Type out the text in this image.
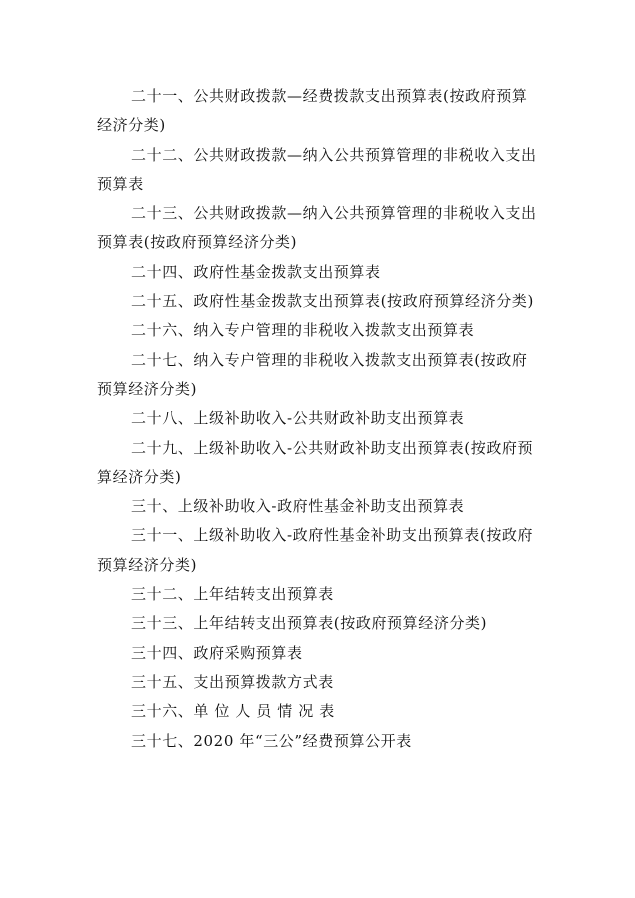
二十一、公共财政拨款—经费拨款支出预算表(按政府预算经济分类)

二十二、公共财政拨款—纳入公共预算管理的非税收入支出预算表

二十三、公共财政拨款—纳入公共预算管理的非税收入支出预算表(按政府预算经济分类)

二十四、政府性基金拨款支出预算表

二十五、政府性基金拨款支出预算表(按政府预算经济分类)

二十六、纳入专户管理的非税收入拨款支出预算表

二十七、纳入专户管理的非税收入拨款支出预算表(按政府预算经济分类)

二十八、上级补助收入-公共财政补助支出预算表

二十九、上级补助收入-公共财政补助支出预算表(按政府预算经济分类)

三十、上级补助收入-政府性基金补助支出预算表

三十一、上级补助收入-政府性基金补助支出预算表(按政府预算经济分类)

三十二、上年结转支出预算表

三十三、上年结转支出预算表(按政府预算经济分类)

三十四、政府采购预算表

三十五、支出预算拨款方式表

三十六、单 位 人 员 情 况 表

三十七、2020 年“三公”经费预算公开表
